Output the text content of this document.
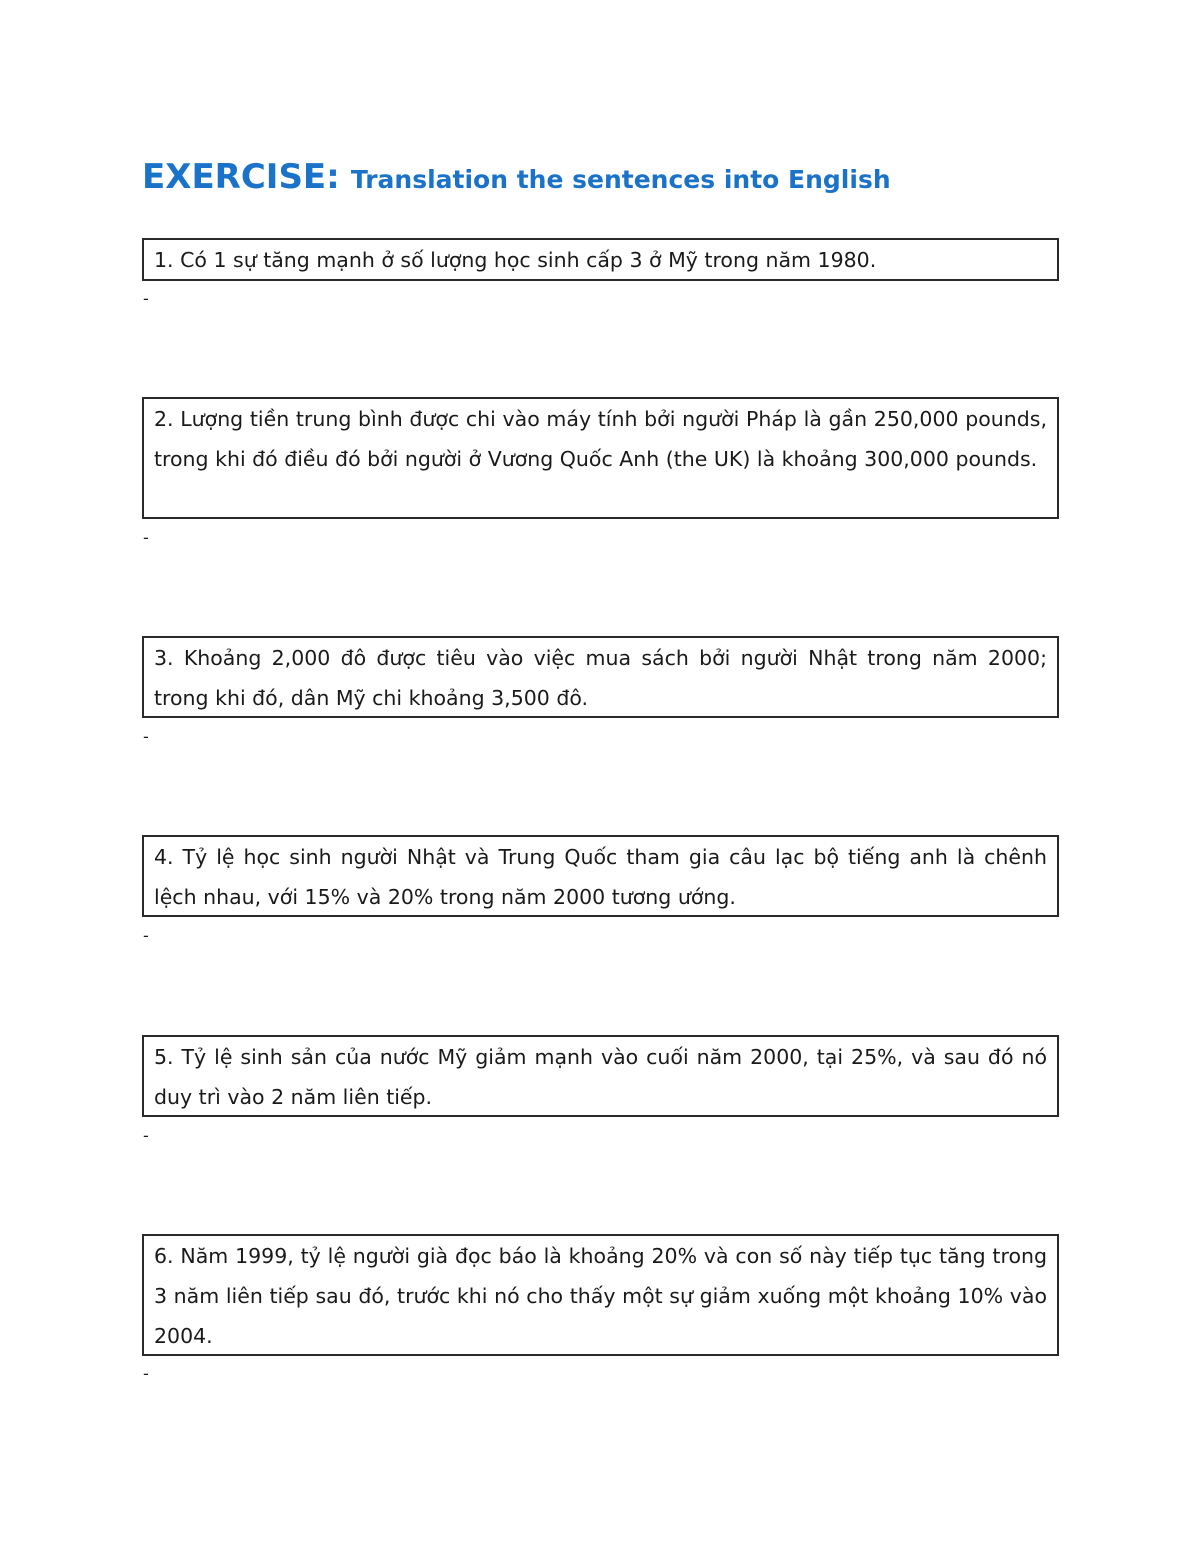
EXERCISE: Translation the sentences into English
1. Có 1 sự tăng mạnh ở số lượng học sinh cấp 3 ở Mỹ trong năm 1980.
-
2. Lượng tiền trung bình được chi vào máy tính bởi người Pháp là gần 250,000 pounds, trong khi đó điều đó bởi người ở Vương Quốc Anh (the UK) là khoảng 300,000 pounds.
-
3. Khoảng 2,000 đô được tiêu vào việc mua sách bởi người Nhật trong năm 2000; trong khi đó, dân Mỹ chi khoảng 3,500 đô.
-
4. Tỷ lệ học sinh người Nhật và Trung Quốc tham gia câu lạc bộ tiếng anh là chênh lệch nhau, với 15% và 20% trong năm 2000 tương ướng.
-
5. Tỷ lệ sinh sản của nước Mỹ giảm mạnh vào cuối năm 2000, tại 25%, và sau đó nó duy trì vào 2 năm liên tiếp.
-
6. Năm 1999, tỷ lệ người già đọc báo là khoảng 20% và con số này tiếp tục tăng trong 3 năm liên tiếp sau đó, trước khi nó cho thấy một sự giảm xuống một khoảng 10% vào 2004.
-
